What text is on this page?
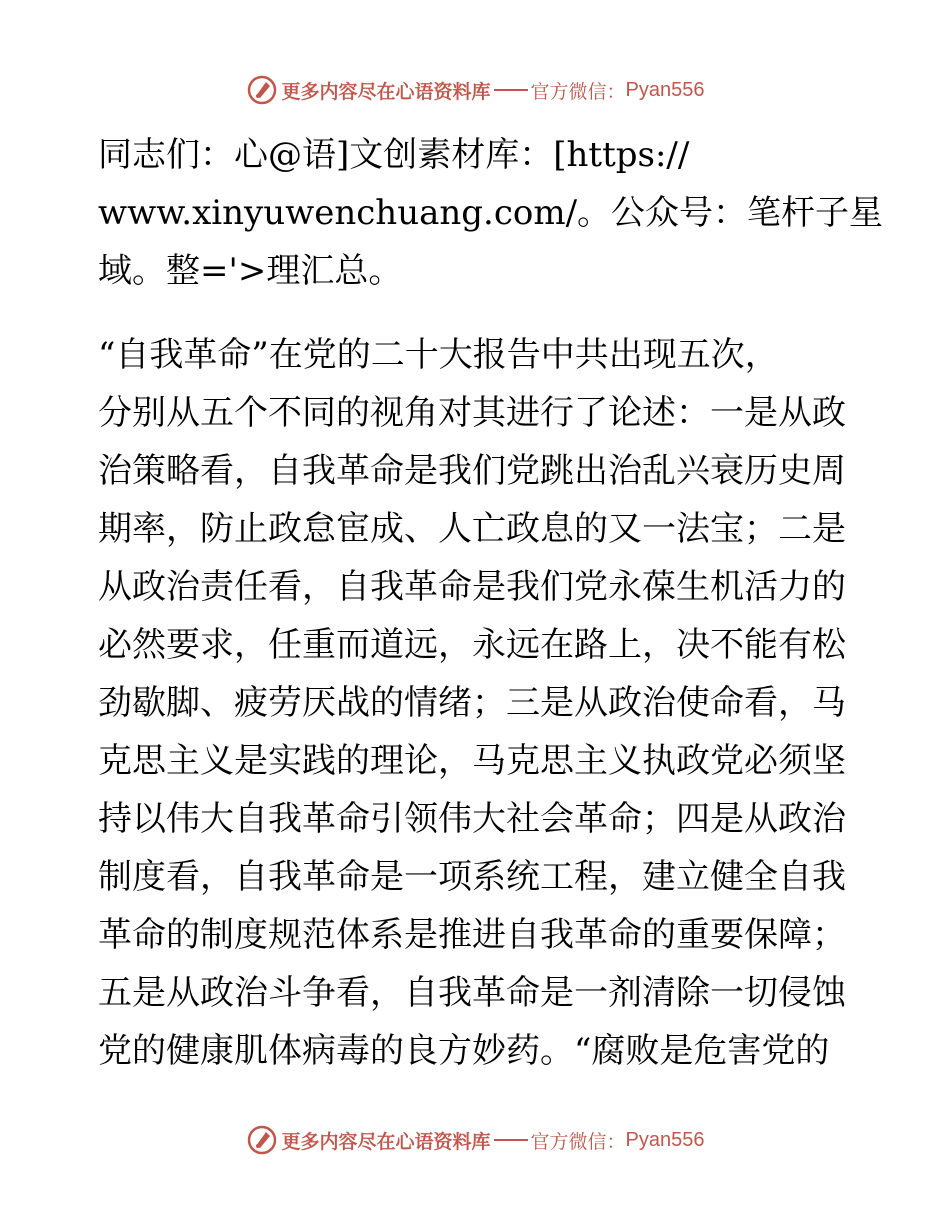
更多内容尽在心语资料库 官方微信： Pyan556
同志们：心@语]文创素材库：[https://
www.xinyuwenchuang.com/。公众号：笔杆子星
域。整='>理汇总。
“自我革命”在党的二十大报告中共出现五次，
分别从五个不同的视角对其进行了论述：一是从政
治策略看，自我革命是我们党跳出治乱兴衰历史周
期率，防止政怠宦成、人亡政息的又一法宝；二是
从政治责任看，自我革命是我们党永葆生机活力的
必然要求，任重而道远，永远在路上，决不能有松
劲歇脚、疲劳厌战的情绪；三是从政治使命看，马
克思主义是实践的理论，马克思主义执政党必须坚
持以伟大自我革命引领伟大社会革命；四是从政治
制度看，自我革命是一项系统工程，建立健全自我
革命的制度规范体系是推进自我革命的重要保障；
五是从政治斗争看，自我革命是一剂清除一切侵蚀
党的健康肌体病毒的良方妙药。“腐败是危害党的
更多内容尽在心语资料库 官方微信： Pyan556
